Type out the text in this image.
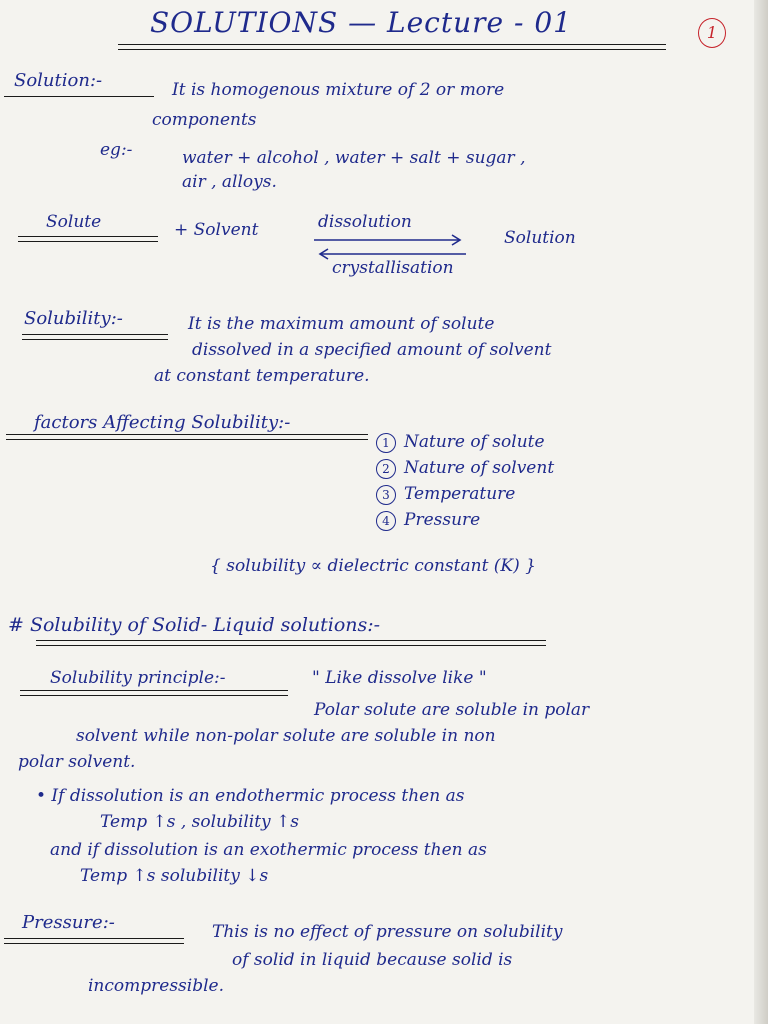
SOLUTIONS — Lecture - 01	1
Solution:-	It is homogenous mixture of 2 or more
components
eg:-	water + alcohol , water + salt + sugar ,
air , alloys.
Solute	+ Solvent	dissolution
crystallisation
Solution
Solubility:-	It is the maximum amount of solute
dissolved in a specified amount of solvent
at constant temperature.
factors Affecting Solubility:-
1 Nature of solute
2 Nature of solvent
3 Temperature
4 Pressure
{ solubility ∝ dielectric constant (K) }
# Solubility of Solid- Liquid solutions:-
Solubility principle:-	" Like dissolve like "
Polar solute are soluble in polar
solvent while non-polar solute are soluble in non
polar solvent.
• If dissolution is an endothermic process then as
Temp ↑s , solubility ↑s
and if dissolution is an exothermic process then as
Temp ↑s solubility ↓s
Pressure:-	This is no effect of pressure on solubility
of solid in liquid because solid is
incompressible.
